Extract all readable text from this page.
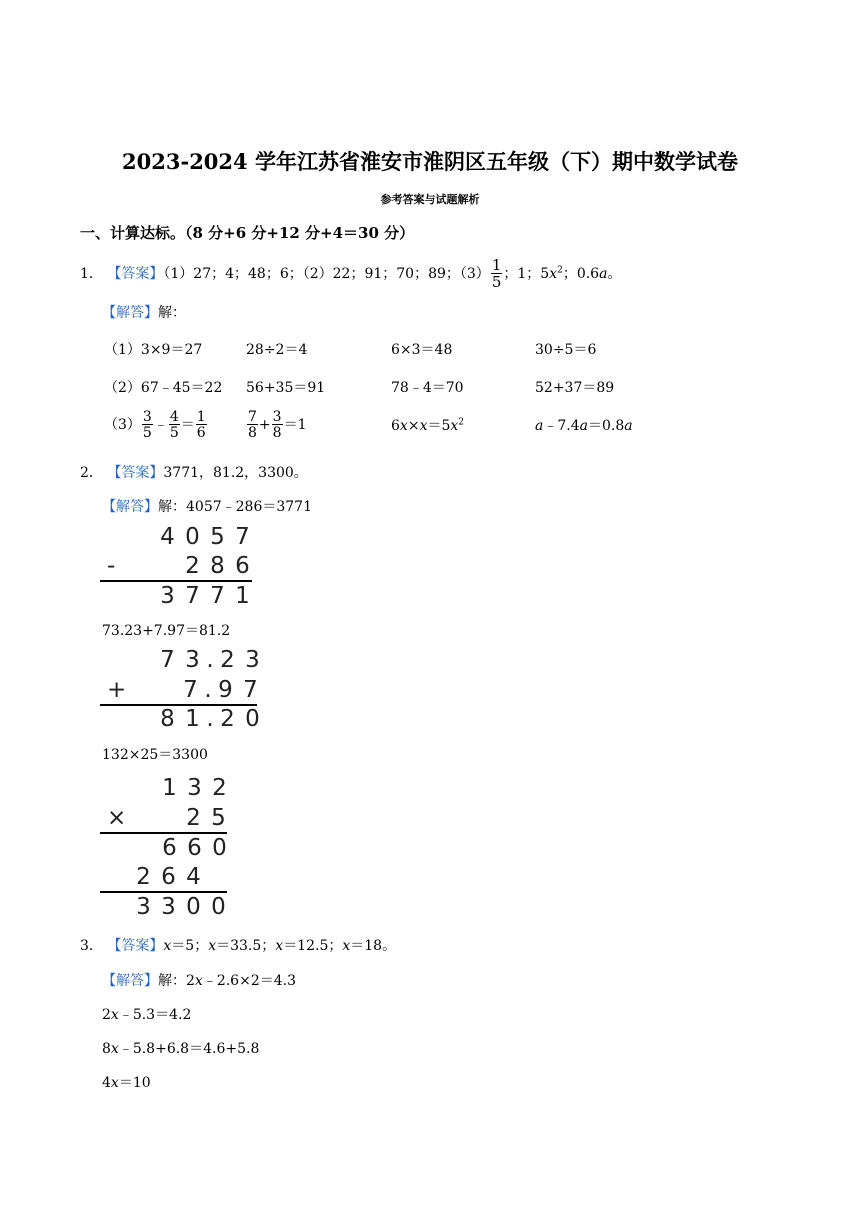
2023-2024 学年江苏省淮安市淮阴区五年级（下）期中数学试卷
参考答案与试题解析
一、计算达标。（8 分+6 分+12 分+4＝30 分）
1． 【答案】（1）27；4；48；6；（2）22；91；70；89；$(3) \frac{1}{5}$ ；1；$5x^2$；0.6a。
【解答】解：
（1）3×9＝27	28÷2＝4	6×3＝48	30÷5＝6
（2）67﹣45＝22 56+35＝91	78﹣4＝70	52+37＝89
$(3) \frac{3}{5}$ ﹣ $\frac{4}{5} = \frac{1}{6}$	$\frac{7}{8} + \frac{3}{8} =1$	$6x\times x=5x^2$	a﹣7.4a＝0.8a
2． 【答案】3771，81.2，3300。
【解答】解：4057﹣286＝3771
4 0 5 7
-	2 8 6
3 7 7 1
73.23+7.97＝81.2
7 3 . 2 3
+ 7 . 9 7
8 1 . 2 0
132×25＝3300
1 3 2
×	2 5
6 6 0
2 6 4
3 3 0 0
3． 【答案】x＝5；x＝33.5；x＝12.5；x＝18。
【解答】解：2x﹣2.6×2＝4.3
2x﹣5.3＝4.2
8x﹣5.8+6.8＝4.6+5.8
4x＝10
